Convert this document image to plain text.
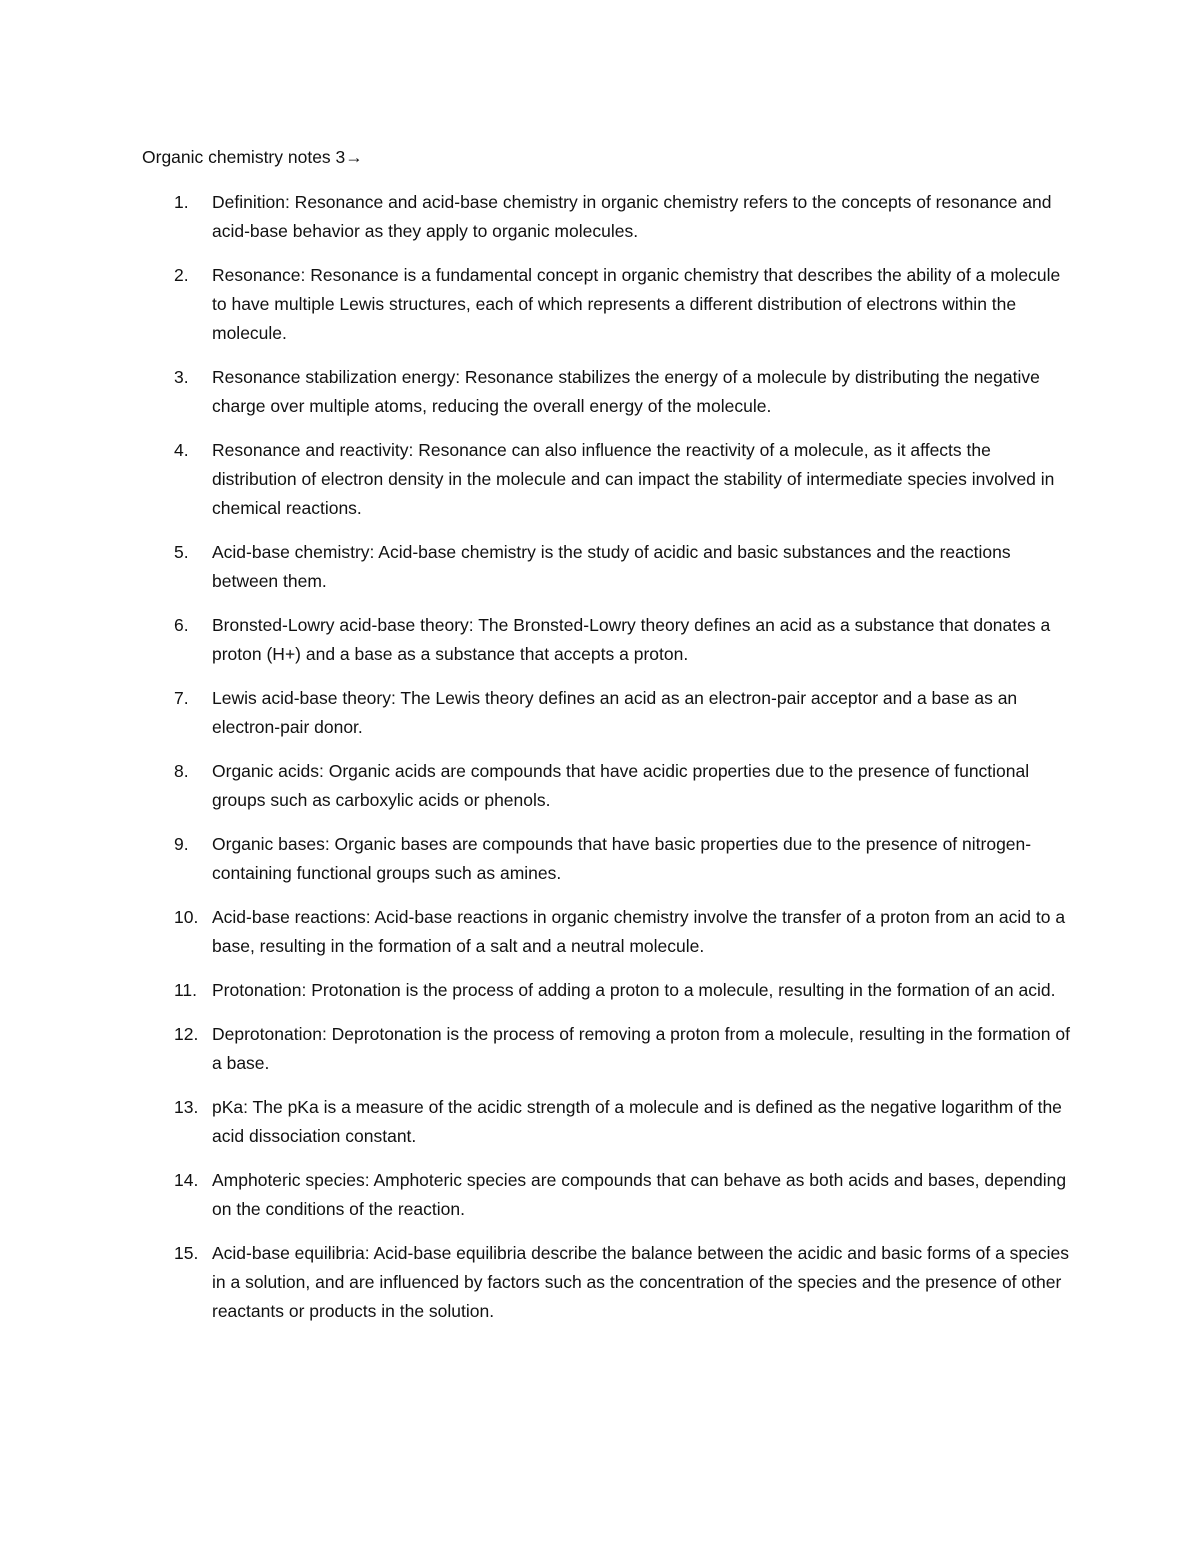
Organic chemistry notes 3→
1.	Definition: Resonance and acid-base chemistry in organic chemistry refers to the concepts of resonance and acid-base behavior as they apply to organic molecules.
2.	Resonance: Resonance is a fundamental concept in organic chemistry that describes the ability of a molecule to have multiple Lewis structures, each of which represents a different distribution of electrons within the molecule.
3.	Resonance stabilization energy: Resonance stabilizes the energy of a molecule by distributing the negative charge over multiple atoms, reducing the overall energy of the molecule.
4.	Resonance and reactivity: Resonance can also influence the reactivity of a molecule, as it affects the distribution of electron density in the molecule and can impact the stability of intermediate species involved in chemical reactions.
5.	Acid-base chemistry: Acid-base chemistry is the study of acidic and basic substances and the reactions between them.
6.	Bronsted-Lowry acid-base theory: The Bronsted-Lowry theory defines an acid as a substance that donates a proton (H+) and a base as a substance that accepts a proton.
7.	Lewis acid-base theory: The Lewis theory defines an acid as an electron-pair acceptor and a base as an electron-pair donor.
8.	Organic acids: Organic acids are compounds that have acidic properties due to the presence of functional groups such as carboxylic acids or phenols.
9.	Organic bases: Organic bases are compounds that have basic properties due to the presence of nitrogen-containing functional groups such as amines.
10. Acid-base reactions: Acid-base reactions in organic chemistry involve the transfer of a proton from an acid to a base, resulting in the formation of a salt and a neutral molecule.
11. Protonation: Protonation is the process of adding a proton to a molecule, resulting in the formation of an acid.
12. Deprotonation: Deprotonation is the process of removing a proton from a molecule, resulting in the formation of a base.
13. pKa: The pKa is a measure of the acidic strength of a molecule and is defined as the negative logarithm of the acid dissociation constant.
14. Amphoteric species: Amphoteric species are compounds that can behave as both acids and bases, depending on the conditions of the reaction.
15. Acid-base equilibria: Acid-base equilibria describe the balance between the acidic and basic forms of a species in a solution, and are influenced by factors such as the concentration of the species and the presence of other reactants or products in the solution.
